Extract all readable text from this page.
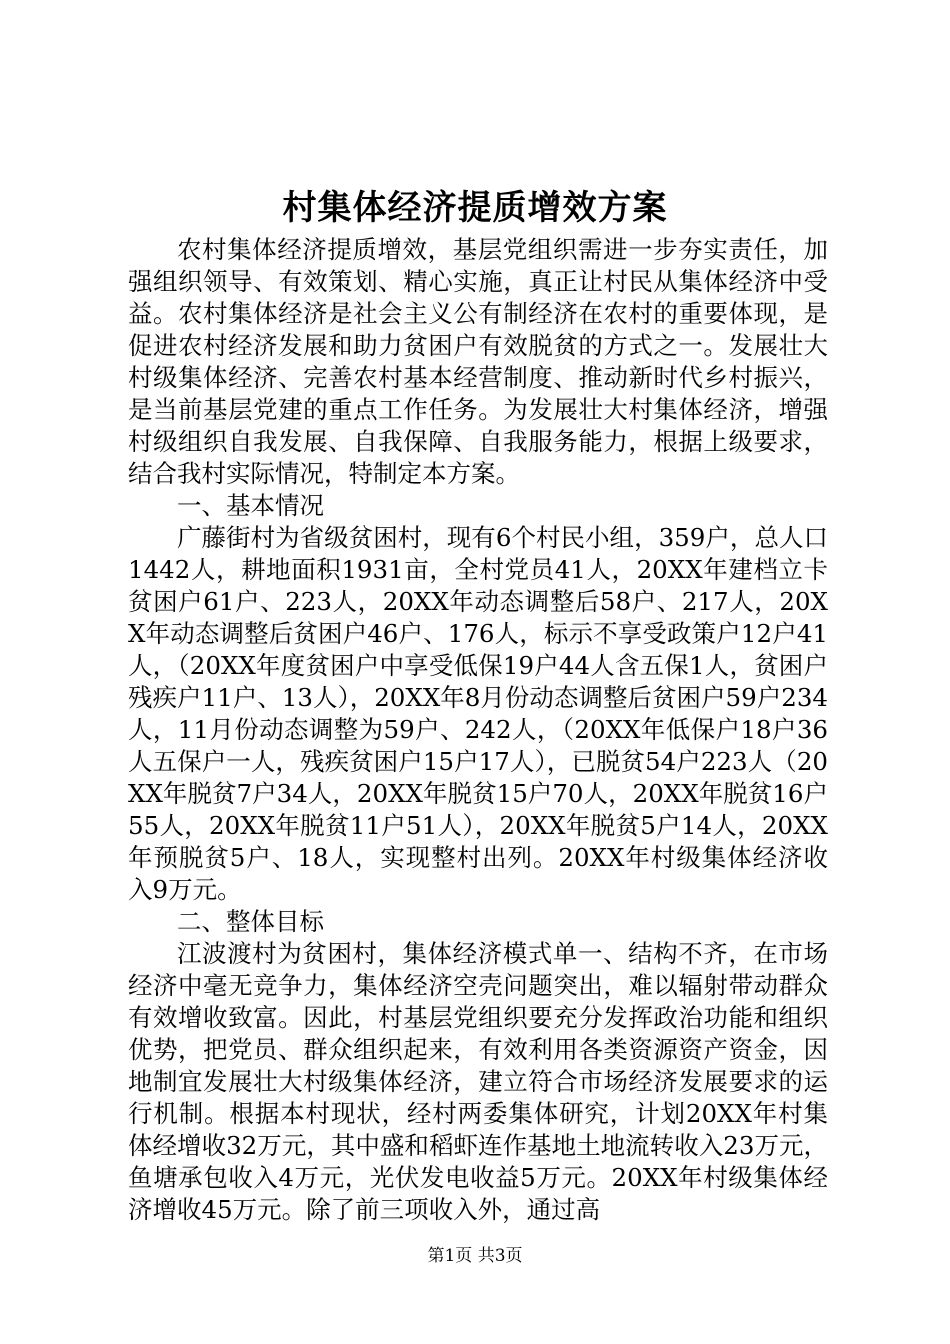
村集体经济提质增效方案

农村集体经济提质增效，基层党组织需进一步夯实责任，加强组织领导、有效策划、精心实施，真正让村民从集体经济中受益。农村集体经济是社会主义公有制经济在农村的重要体现，是促进农村经济发展和助力贫困户有效脱贫的方式之一。发展壮大村级集体经济、完善农村基本经营制度、推动新时代乡村振兴，是当前基层党建的重点工作任务。为发展壮大村集体经济，增强村级组织自我发展、自我保障、自我服务能力，根据上级要求，结合我村实际情况，特制定本方案。

一、基本情况

广藤街村为省级贫困村，现有6个村民小组，359户，总人口1442人，耕地面积1931亩，全村党员41人，20XX年建档立卡贫困户61户、223人，20XX年动态调整后58户、217人，20XX年动态调整后贫困户46户、176人，标示不享受政策户12户41人，（20XX年度贫困户中享受低保19户44人含五保1人，贫困户残疾户11户、13人），20XX年8月份动态调整后贫困户59户234人，11月份动态调整为59户、242人，（20XX年低保户18户36人五保户一人，残疾贫困户15户17人），已脱贫54户223人（20XX年脱贫7户34人，20XX年脱贫15户70人，20XX年脱贫16户55人，20XX年脱贫11户51人），20XX年脱贫5户14人，20XX年预脱贫5户、18人，实现整村出列。20XX年村级集体经济收入9万元。

二、整体目标

江波渡村为贫困村，集体经济模式单一、结构不齐，在市场经济中毫无竞争力，集体经济空壳问题突出，难以辐射带动群众有效增收致富。因此，村基层党组织要充分发挥政治功能和组织优势，把党员、群众组织起来，有效利用各类资源资产资金，因地制宜发展壮大村级集体经济，建立符合市场经济发展要求的运行机制。根据本村现状，经村两委集体研究，计划20XX年村集体经增收32万元，其中盛和稻虾连作基地土地流转收入23万元，鱼塘承包收入4万元，光伏发电收益5万元。20XX年村级集体经济增收45万元。除了前三项收入外，通过高

第1页 共3页
